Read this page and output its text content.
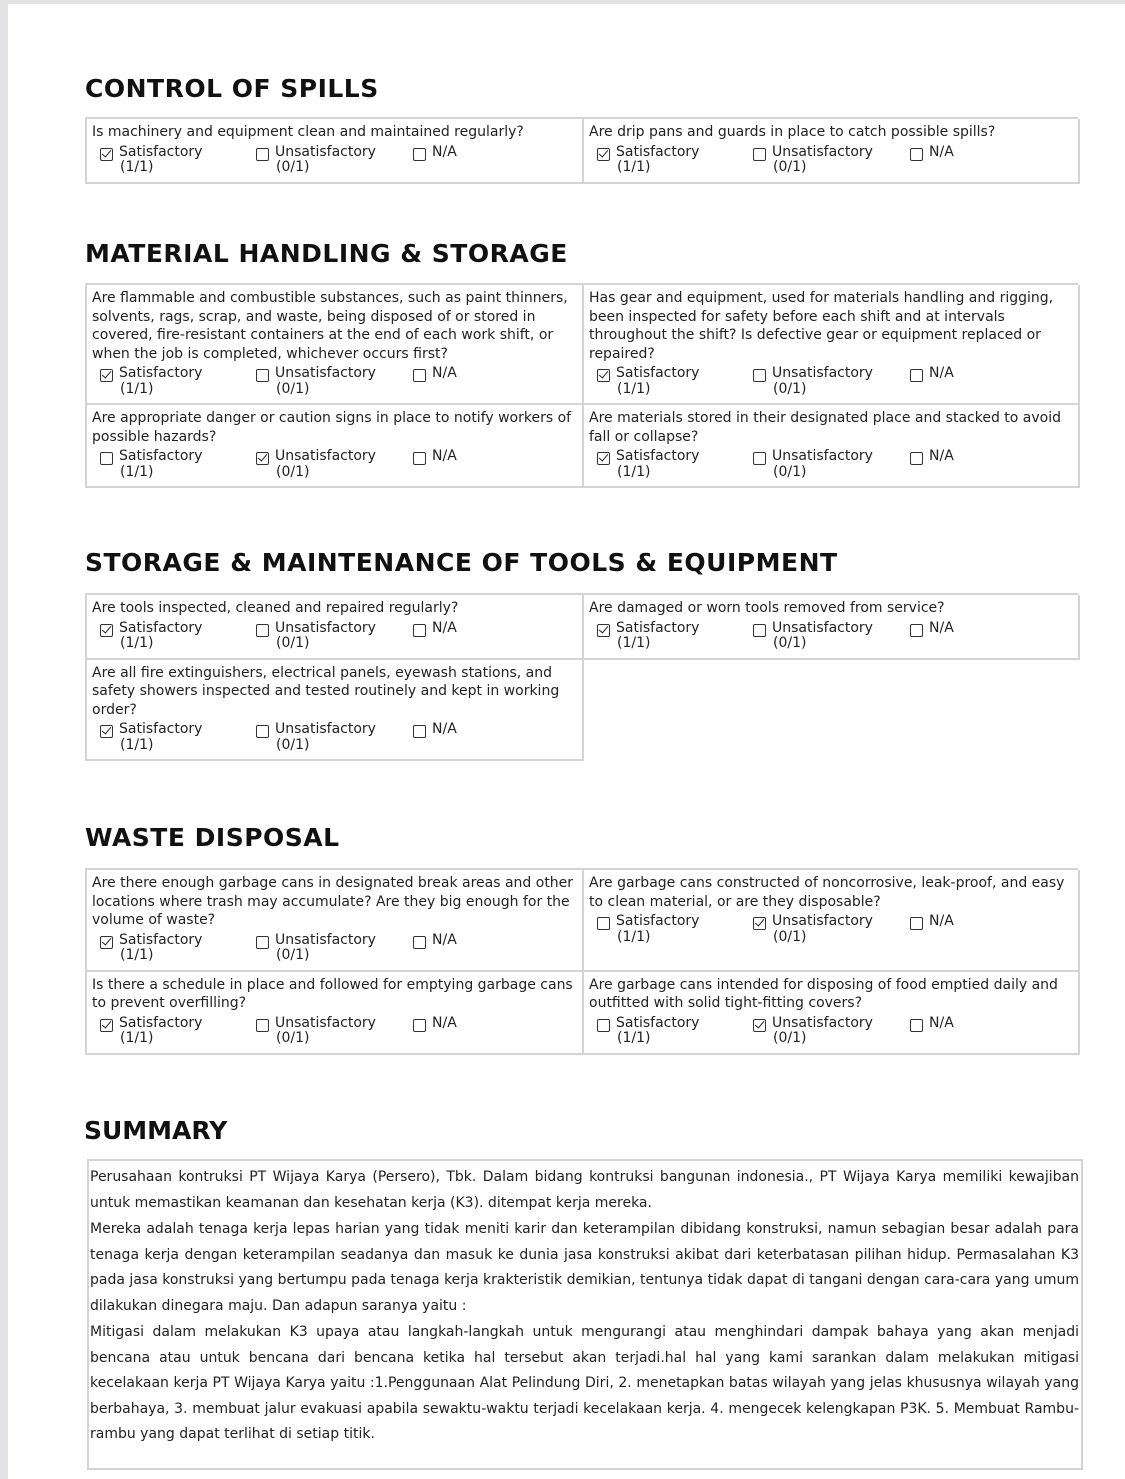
CONTROL OF SPILLS

Is machinery and equipment clean and maintained regularly?

Satisfactory
(1/1)
Unsatisfactory
(0/1)
N/A

Are drip pans and guards in place to catch possible spills?

Satisfactory
(1/1)
Unsatisfactory
(0/1)
N/A
MATERIAL HANDLING & STORAGE

Are flammable and combustible substances, such as paint thinners, solvents, rags, scrap, and waste, being disposed of or stored in covered, fire-resistant containers at the end of each work shift, or when the job is completed, whichever occurs first?

Satisfactory
(1/1)
Unsatisfactory
(0/1)
N/A

Has gear and equipment, used for materials handling and rigging, been inspected for safety before each shift and at intervals throughout the shift? Is defective gear or equipment replaced or repaired?

Satisfactory
(1/1)
Unsatisfactory
(0/1)
N/A

Are appropriate danger or caution signs in place to notify workers of possible hazards?

Satisfactory
(1/1)
Unsatisfactory
(0/1)
N/A

Are materials stored in their designated place and stacked to avoid fall or collapse?

Satisfactory
(1/1)
Unsatisfactory
(0/1)
N/A
STORAGE & MAINTENANCE OF TOOLS & EQUIPMENT

Are tools inspected, cleaned and repaired regularly?

Satisfactory
(1/1)
Unsatisfactory
(0/1)
N/A

Are damaged or worn tools removed from service?

Satisfactory
(1/1)
Unsatisfactory
(0/1)
N/A

Are all fire extinguishers, electrical panels, eyewash stations, and safety showers inspected and tested routinely and kept in working order?

Satisfactory
(1/1)
Unsatisfactory
(0/1)
N/A
WASTE DISPOSAL

Are there enough garbage cans in designated break areas and other locations where trash may accumulate? Are they big enough for the volume of waste?

Satisfactory
(1/1)
Unsatisfactory
(0/1)
N/A

Are garbage cans constructed of noncorrosive, leak-proof, and easy to clean material, or are they disposable?

Satisfactory
(1/1)
Unsatisfactory
(0/1)
N/A

Is there a schedule in place and followed for emptying garbage cans to prevent overfilling?

Satisfactory
(1/1)
Unsatisfactory
(0/1)
N/A

Are garbage cans intended for disposing of food emptied daily and outfitted with solid tight-fitting covers?

Satisfactory
(1/1)
Unsatisfactory
(0/1)
N/A
SUMMARY

Perusahaan kontruksi PT Wijaya Karya (Persero), Tbk. Dalam bidang kontruksi bangunan indonesia., PT Wijaya Karya memiliki kewajiban untuk memastikan keamanan dan kesehatan kerja (K3). ditempat kerja mereka.

Mereka adalah tenaga kerja lepas harian yang tidak meniti karir dan keterampilan dibidang konstruksi, namun sebagian besar adalah para tenaga kerja dengan keterampilan seadanya dan masuk ke dunia jasa konstruksi akibat dari keterbatasan pilihan hidup. Permasalahan K3 pada jasa konstruksi yang bertumpu pada tenaga kerja krakteristik demikian, tentunya tidak dapat di tangani dengan cara-cara yang umum dilakukan dinegara maju. Dan adapun saranya yaitu :

Mitigasi dalam melakukan K3 upaya atau langkah-langkah untuk mengurangi atau menghindari dampak bahaya yang akan menjadi bencana atau untuk bencana dari bencana ketika hal tersebut akan terjadi.hal hal yang kami sarankan dalam melakukan mitigasi kecelakaan kerja PT Wijaya Karya yaitu :1.Penggunaan Alat Pelindung Diri, 2. menetapkan batas wilayah yang jelas khususnya wilayah yang berbahaya, 3. membuat jalur evakuasi apabila sewaktu-waktu terjadi kecelakaan kerja. 4. mengecek kelengkapan P3K. 5. Membuat Rambu-rambu yang dapat terlihat di setiap titik.
